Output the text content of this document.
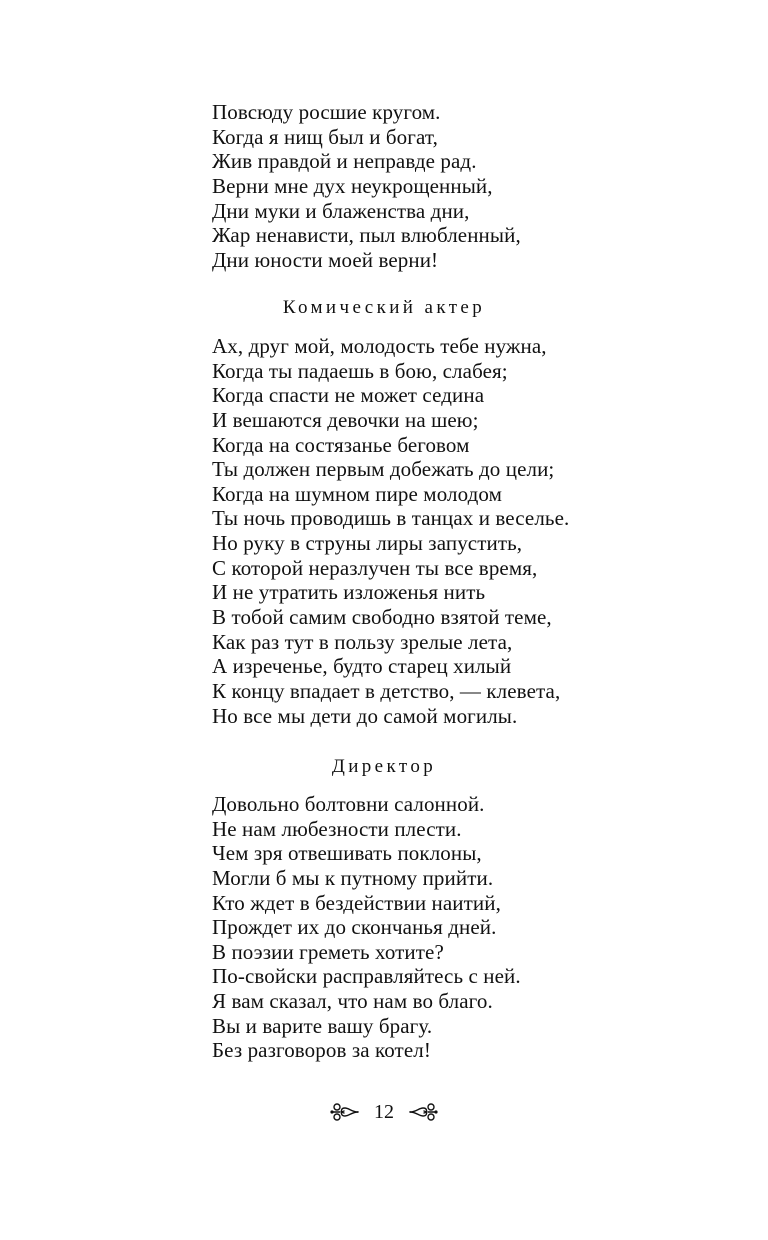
Повсюду росшие кругом.
Когда я нищ был и богат,
Жив правдой и неправде рад.
Верни мне дух неукрощенный,
Дни муки и блаженства дни,
Жар ненависти, пыл влюбленный,
Дни юности моей верни!
Комический актер
Ах, друг мой, молодость тебе нужна,
Когда ты падаешь в бою, слабея;
Когда спасти не может седина
И вешаются девочки на шею;
Когда на состязанье беговом
Ты должен первым добежать до цели;
Когда на шумном пире молодом
Ты ночь проводишь в танцах и веселье.
Но руку в струны лиры запустить,
С которой неразлучен ты все время,
И не утратить изложенья нить
В тобой самим свободно взятой теме,
Как раз тут в пользу зрелые лета,
А изреченье, будто старец хилый
К концу впадает в детство, — клевета,
Но все мы дети до самой могилы.
Директор
Довольно болтовни салонной.
Не нам любезности плести.
Чем зря отвешивать поклоны,
Могли б мы к путному прийти.
Кто ждет в бездействии наитий,
Прождет их до скончанья дней.
В поэзии греметь хотите?
По-свойски расправляйтесь с ней.
Я вам сказал, что нам во благо.
Вы и варите вашу брагу.
Без разговоров за котел!
12
